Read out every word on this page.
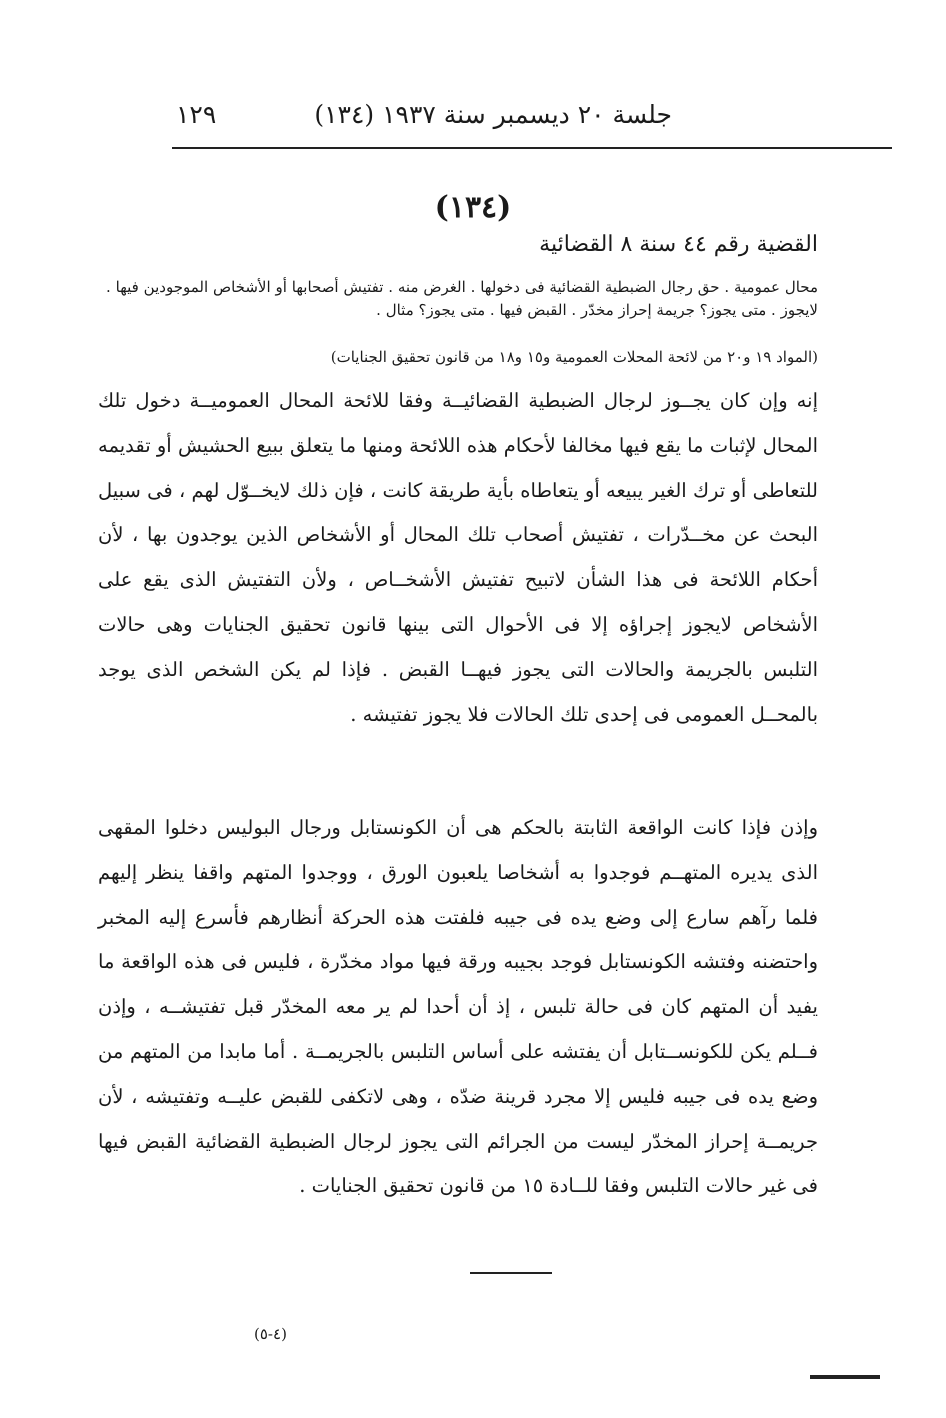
جلسة ٢٠ ديسمبر سنة ١٩٣٧ (١٣٤)
١٢٩
(١٣٤)
القضية رقم ٤٤ سنة ٨ القضائية

محال عمومية . حق رجال الضبطية القضائية فى دخولها . الغرض منه . تفتيش أصحابها أو الأشخاص الموجودين فيها . لايجوز . متى يجوز؟ جريمة إحراز مخدّر . القبض فيها . متى يجوز؟ مثال .

(المواد ١٩ و٢٠ من لائحة المحلات العمومية و١٥ و١٨ من قانون تحقيق الجنايات)

إنه وإن كان يجــوز لرجال الضبطية القضائيــة وفقا للائحة المحال العموميــة دخول تلك المحال لإثبات ما يقع فيها مخالفا لأحكام هذه اللائحة ومنها ما يتعلق ببيع الحشيش أو تقديمه للتعاطى أو ترك الغير يبيعه أو يتعاطاه بأية طريقة كانت ، فإن ذلك لايخــوّل لهم ، فى سبيل البحث عن مخــدّرات ، تفتيش أصحاب تلك المحال أو الأشخاص الذين يوجدون بها ، لأن أحكام اللائحة فى هذا الشأن لاتبيح تفتيش الأشخــاص ، ولأن التفتيش الذى يقع على الأشخاص لايجوز إجراؤه إلا فى الأحوال التى بينها قانون تحقيق الجنايات وهى حالات التلبس بالجريمة والحالات التى يجوز فيهــا القبض . فإذا لم يكن الشخص الذى يوجد بالمحــل العمومى فى إحدى تلك الحالات فلا يجوز تفتيشه .

وإذن فإذا كانت الواقعة الثابتة بالحكم هى أن الكونستابل ورجال البوليس دخلوا المقهى الذى يديره المتهــم فوجدوا به أشخاصا يلعبون الورق ، ووجدوا المتهم واقفا ينظر إليهم فلما رآهم سارع إلى وضع يده فى جيبه فلفتت هذه الحركة أنظارهم فأسرع إليه المخبر واحتضنه وفتشه الكونستابل فوجد بجيبه ورقة فيها مواد مخدّرة ، فليس فى هذه الواقعة ما يفيد أن المتهم كان فى حالة تلبس ، إذ أن أحدا لم ير معه المخدّر قبل تفتيشــه ، وإذن فــلم يكن للكونســتابل أن يفتشه على أساس التلبس بالجريمــة . أما مابدا من المتهم من وضع يده فى جيبه فليس إلا مجرد قرينة ضدّه ، وهى لاتكفى للقبض عليــه وتفتيشه ، لأن جريمــة إحراز المخدّر ليست من الجرائم التى يجوز لرجال الضبطية القضائية القبض فيها فى غير حالات التلبس وفقا للــادة ١٥ من قانون تحقيق الجنايات .

(٤-٥)
